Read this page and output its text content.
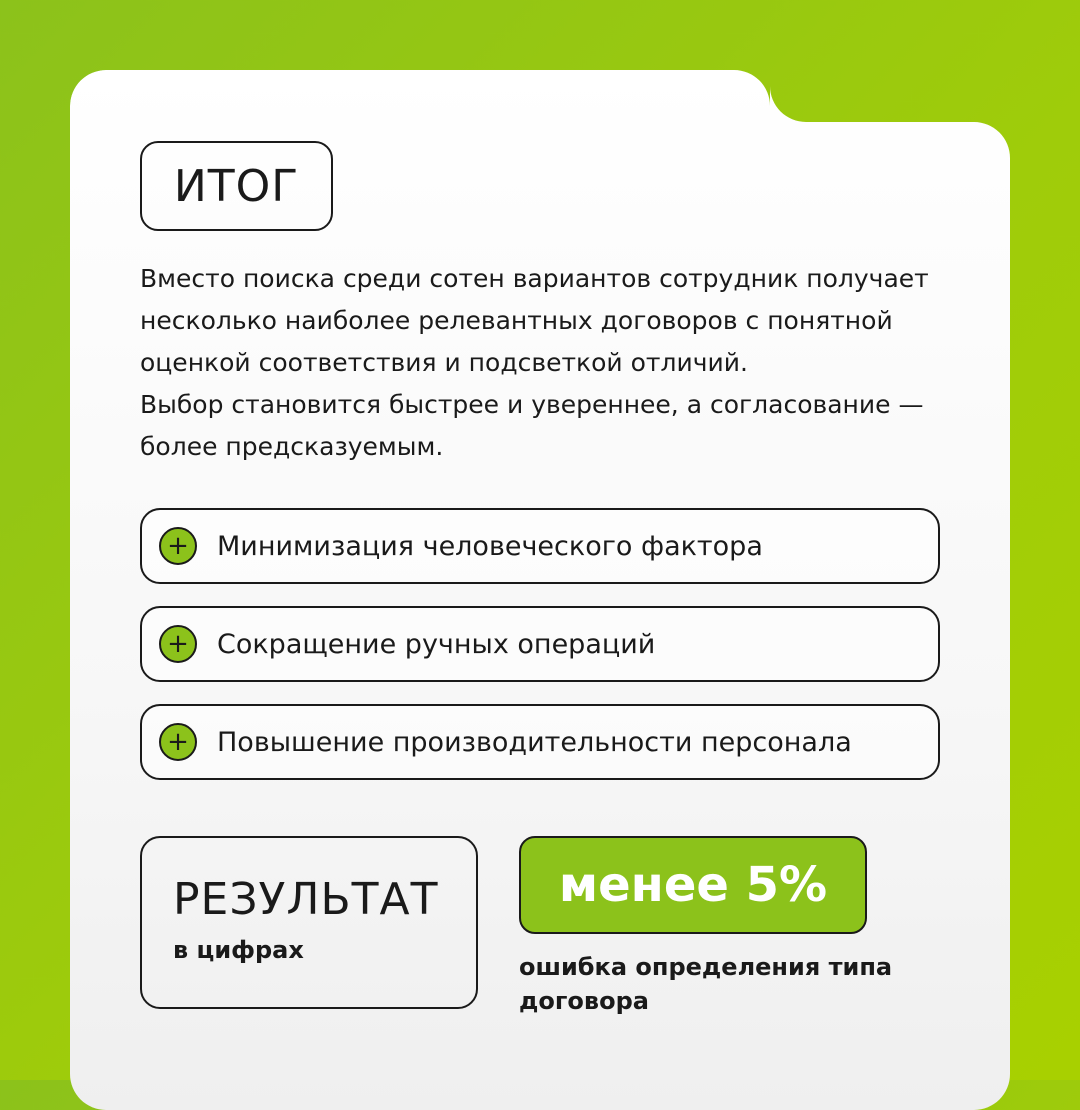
ИТОГ

Вместо поиска среди сотен вариантов сотрудник получает несколько наиболее релевантных договоров с понятной оценкой соответствия и подсветкой отличий.

Выбор становится быстрее и увереннее, а согласование — более предсказуемым.

+	Минимизация человеческого фактора
+	Сокращение ручных операций
+	Повышение производительности персонала
РЕЗУЛЬТАТ
в цифрах
менее 5%
ошибка определения типа договора
